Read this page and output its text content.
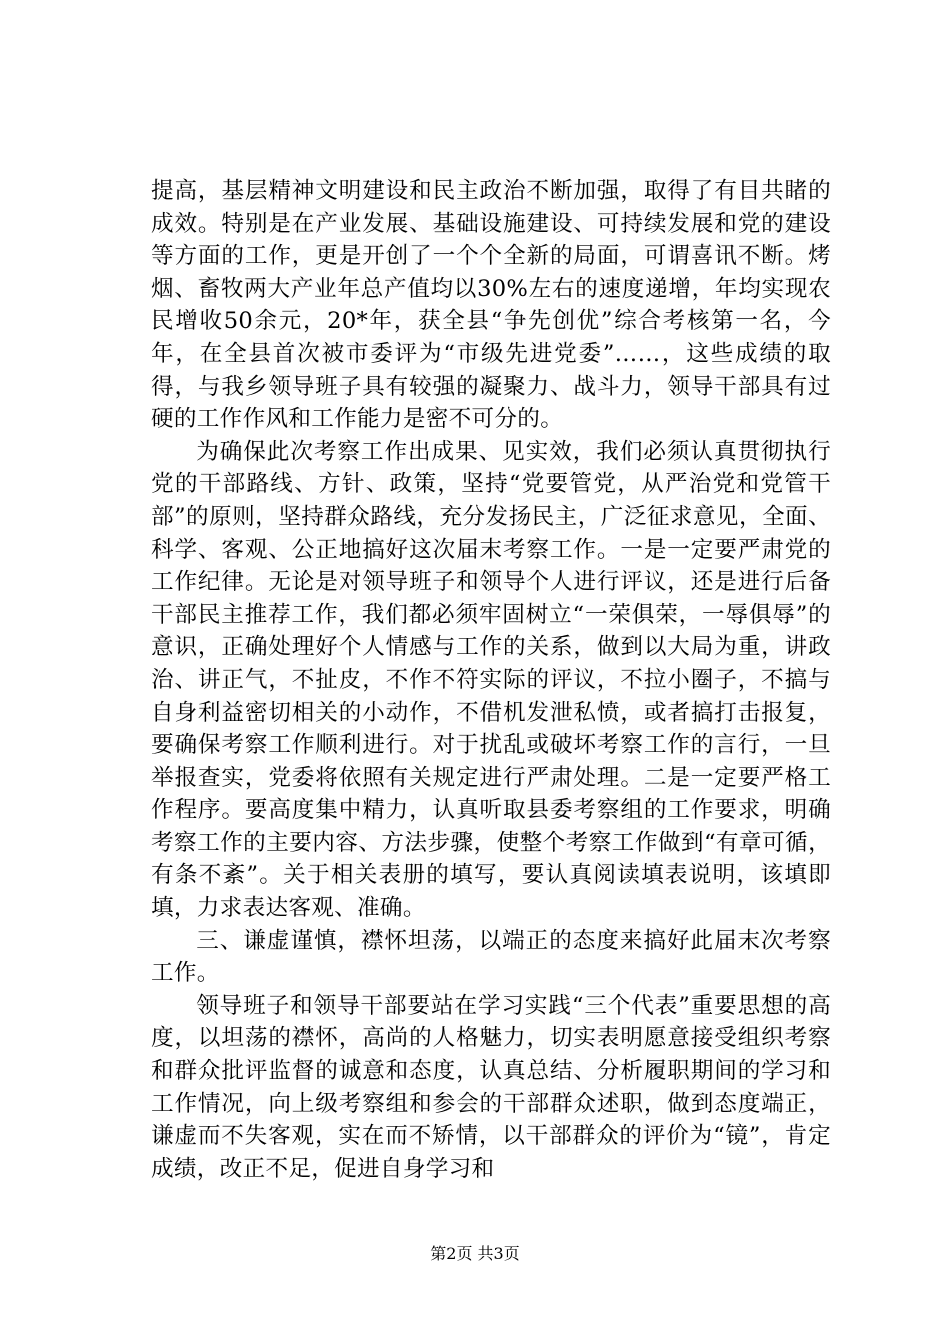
提高，基层精神文明建设和民主政治不断加强，取得了有目共睹的成效。特别是在产业发展、基础设施建设、可持续发展和党的建设等方面的工作，更是开创了一个个全新的局面，可谓喜讯不断。烤烟、畜牧两大产业年总产值均以30%左右的速度递增，年均实现农民增收50余元，20*年，获全县“争先创优”综合考核第一名，今年，在全县首次被市委评为“市级先进党委”……，这些成绩的取得，与我乡领导班子具有较强的凝聚力、战斗力，领导干部具有过硬的工作作风和工作能力是密不可分的。

为确保此次考察工作出成果、见实效，我们必须认真贯彻执行党的干部路线、方针、政策，坚持“党要管党，从严治党和党管干部”的原则，坚持群众路线，充分发扬民主，广泛征求意见，全面、科学、客观、公正地搞好这次届末考察工作。一是一定要严肃党的工作纪律。无论是对领导班子和领导个人进行评议，还是进行后备干部民主推荐工作，我们都必须牢固树立“一荣俱荣，一辱俱辱”的意识，正确处理好个人情感与工作的关系，做到以大局为重，讲政治、讲正气，不扯皮，不作不符实际的评议，不拉小圈子，不搞与自身利益密切相关的小动作，不借机发泄私愤，或者搞打击报复，要确保考察工作顺利进行。对于扰乱或破坏考察工作的言行，一旦举报查实，党委将依照有关规定进行严肃处理。二是一定要严格工作程序。要高度集中精力，认真听取县委考察组的工作要求，明确考察工作的主要内容、方法步骤，使整个考察工作做到“有章可循，有条不紊”。关于相关表册的填写，要认真阅读填表说明，该填即填，力求表达客观、准确。

三、谦虚谨慎，襟怀坦荡，以端正的态度来搞好此届末次考察工作。

领导班子和领导干部要站在学习实践“三个代表”重要思想的高度，以坦荡的襟怀，高尚的人格魅力，切实表明愿意接受组织考察和群众批评监督的诚意和态度，认真总结、分析履职期间的学习和工作情况，向上级考察组和参会的干部群众述职，做到态度端正，谦虚而不失客观，实在而不矫情，以干部群众的评价为“镜”，肯定成绩，改正不足，促进自身学习和

第2页 共3页
